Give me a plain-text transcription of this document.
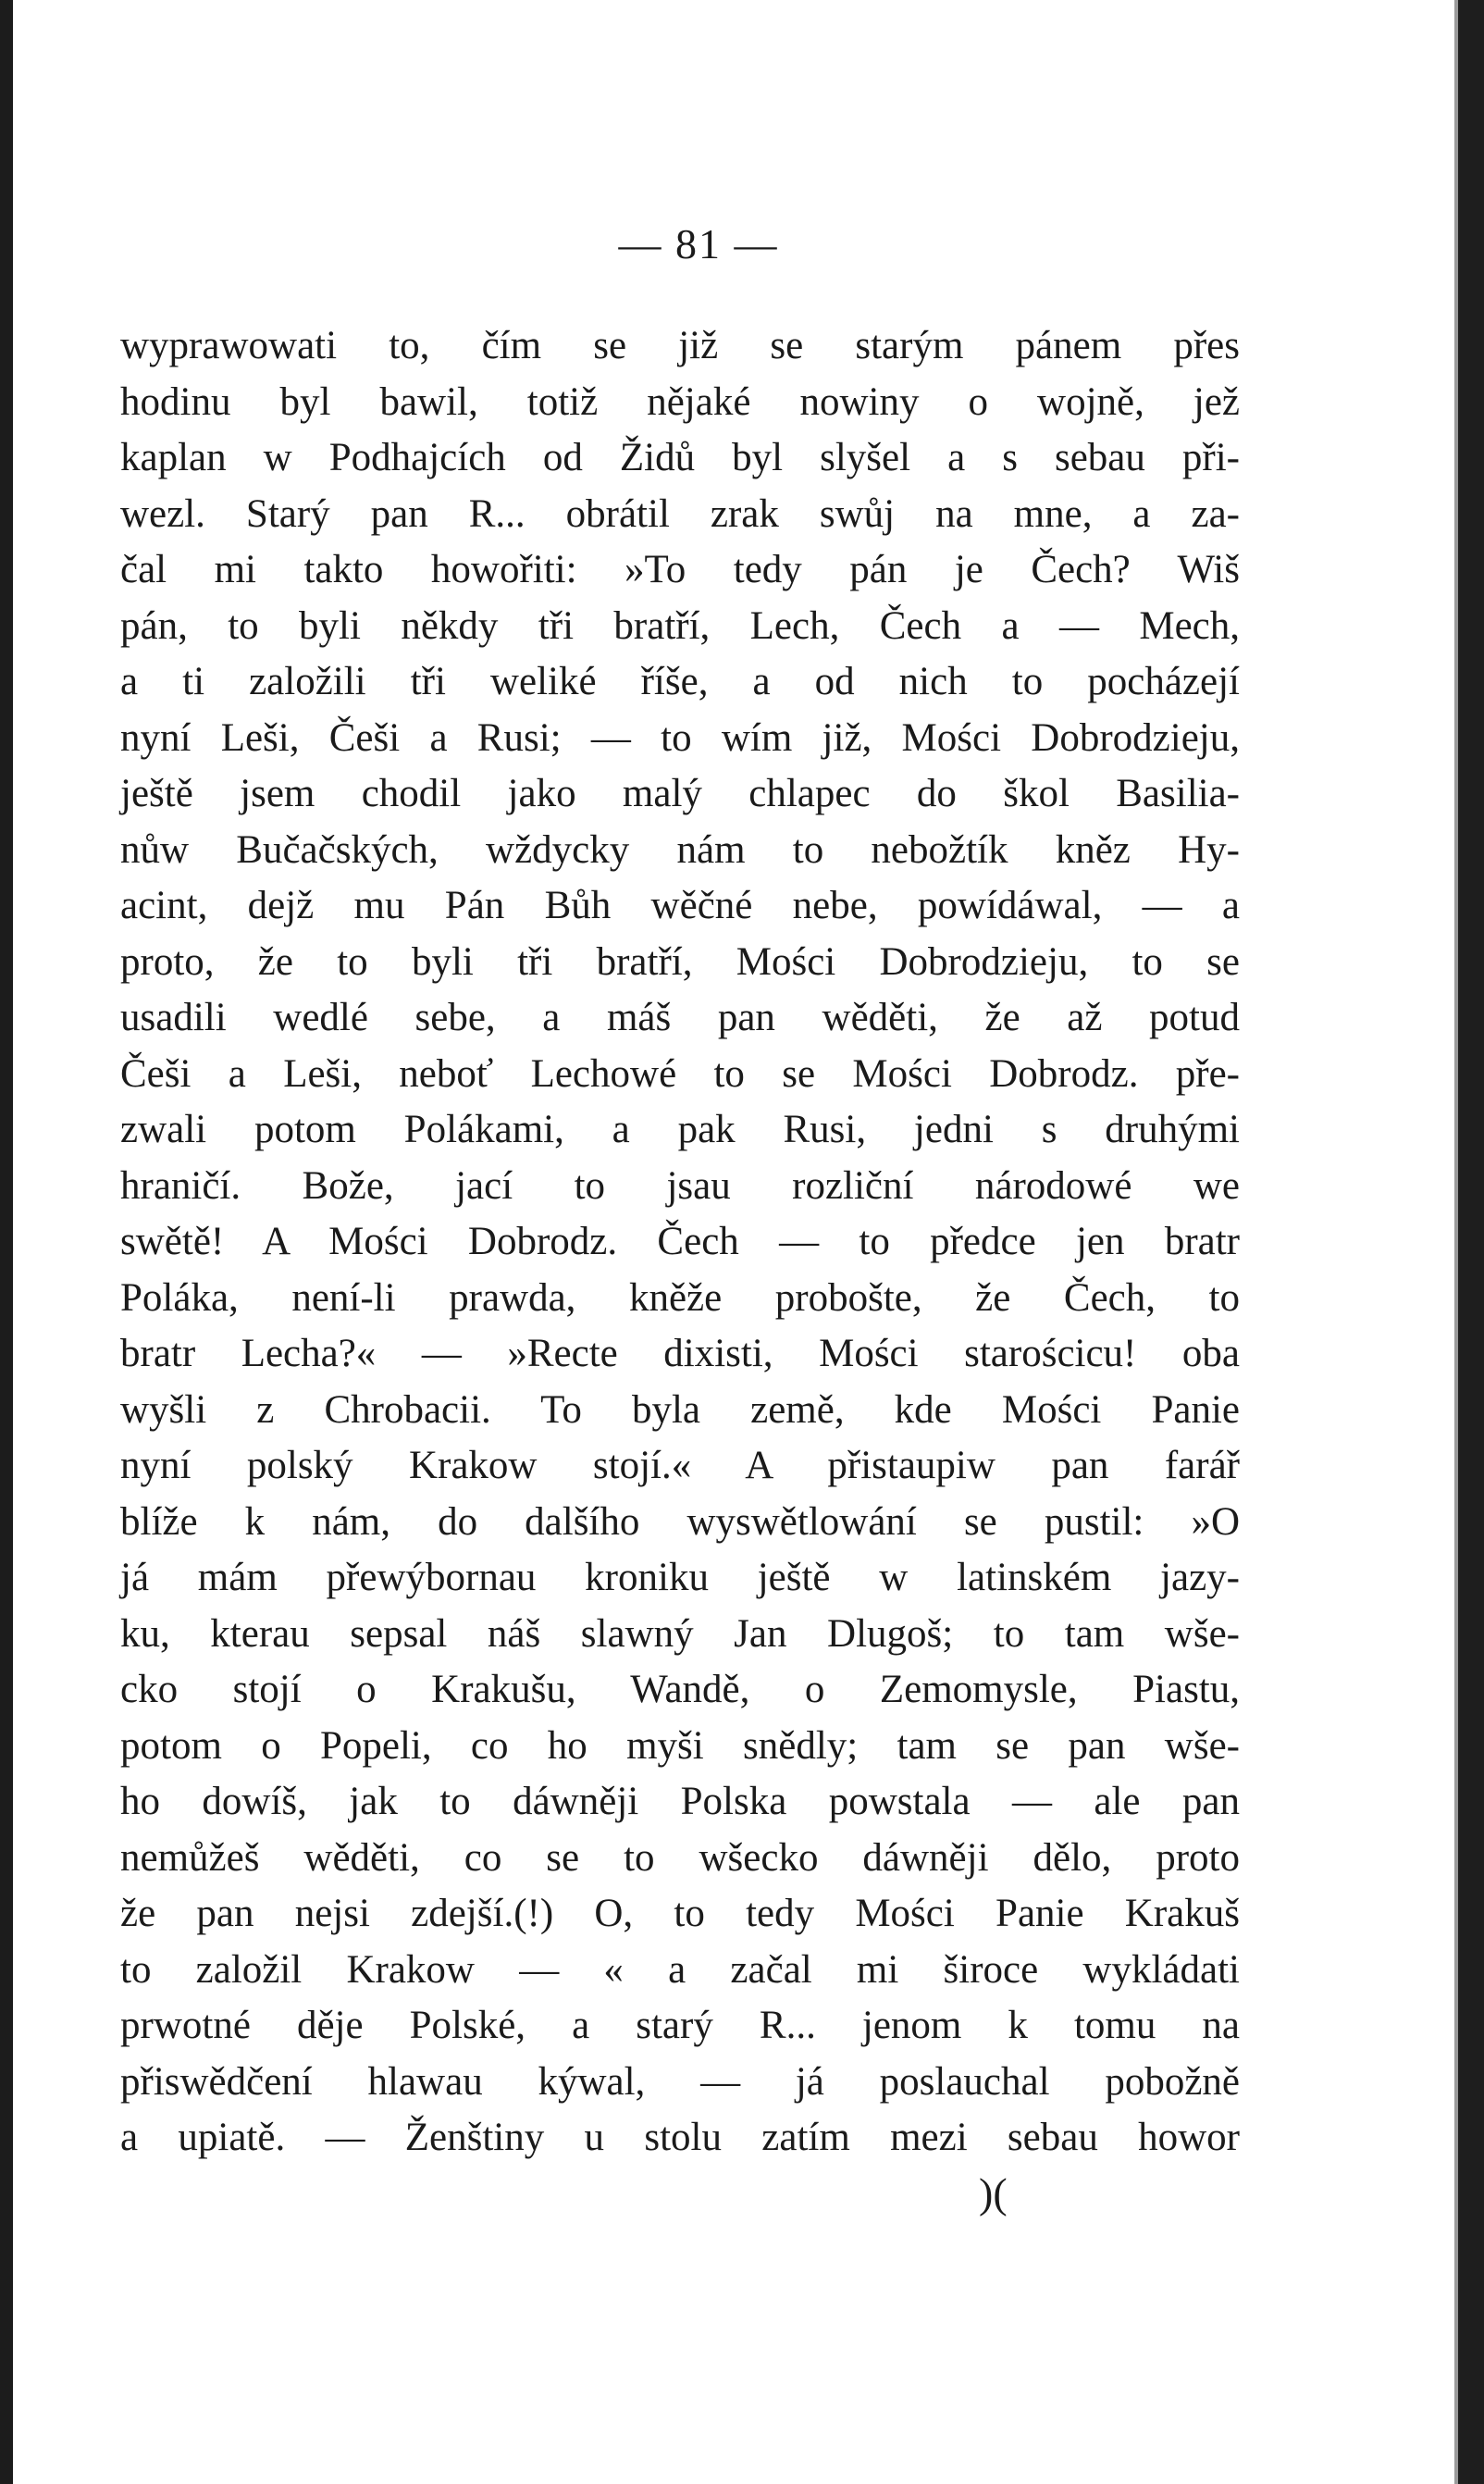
— 81 —
wyprawowati to, čím se již se starým pánem přes
hodinu byl bawil, totiž nějaké nowiny o wojně, jež
kaplan w Podhajcích od Židů byl slyšel a s sebau při-
wezl. Starý pan R... obrátil zrak swůj na mne, a za-
čal mi takto howořiti: »To tedy pán je Čech? Wiš
pán, to byli někdy tři bratří, Lech, Čech a — Mech,
a ti založili tři weliké říše, a od nich to pocházejí
nyní Leši, Češi a Rusi; — to wím již, Mości Dobrodzieju,
ještě jsem chodil jako malý chlapec do škol Basilia-
nůw Bučačských, wždycky nám to nebožtík kněz Hy-
acint, dejž mu Pán Bůh wěčné nebe, powídáwal, — a
proto, že to byli tři bratří, Mości Dobrodzieju, to se
usadili wedlé sebe, a máš pan wěděti, že až potud
Češi a Leši, neboť Lechowé to se Mości Dobrodz. pře-
zwali potom Polákami, a pak Rusi, jedni s druhými
hraničí. Bože, jací to jsau rozliční národowé we
swětě! A Mości Dobrodz. Čech — to předce jen bratr
Poláka, není-li prawda, kněže probošte, že Čech, to
bratr Lecha?« — »Recte dixisti, Mości starościcu! oba
wyšli z Chrobacii. To byla země, kde Mości Panie
nyní polský Krakow stojí.« A přistaupiw pan farář
blíže k nám, do dalšího wyswětlowání se pustil: »O
já mám přewýbornau kroniku ještě w latinském jazy-
ku, kterau sepsal náš slawný Jan Dlugoš; to tam wše-
cko stojí o Krakušu, Wandě, o Zemomysle, Piastu,
potom o Popeli, co ho myši snědly; tam se pan wše-
ho dowíš, jak to dáwněji Polska powstala — ale pan
nemůžeš wěděti, co se to wšecko dáwněji dělo, proto
že pan nejsi zdejší.(!) O, to tedy Mości Panie Krakuš
to založil Krakow — « a začal mi široce wykládati
prwotné děje Polské, a starý R... jenom k tomu na
přiswědčení hlawau kýwal, — já poslauchal pobožně
a upiatě. — Ženštiny u stolu zatím mezi sebau howor
)(
